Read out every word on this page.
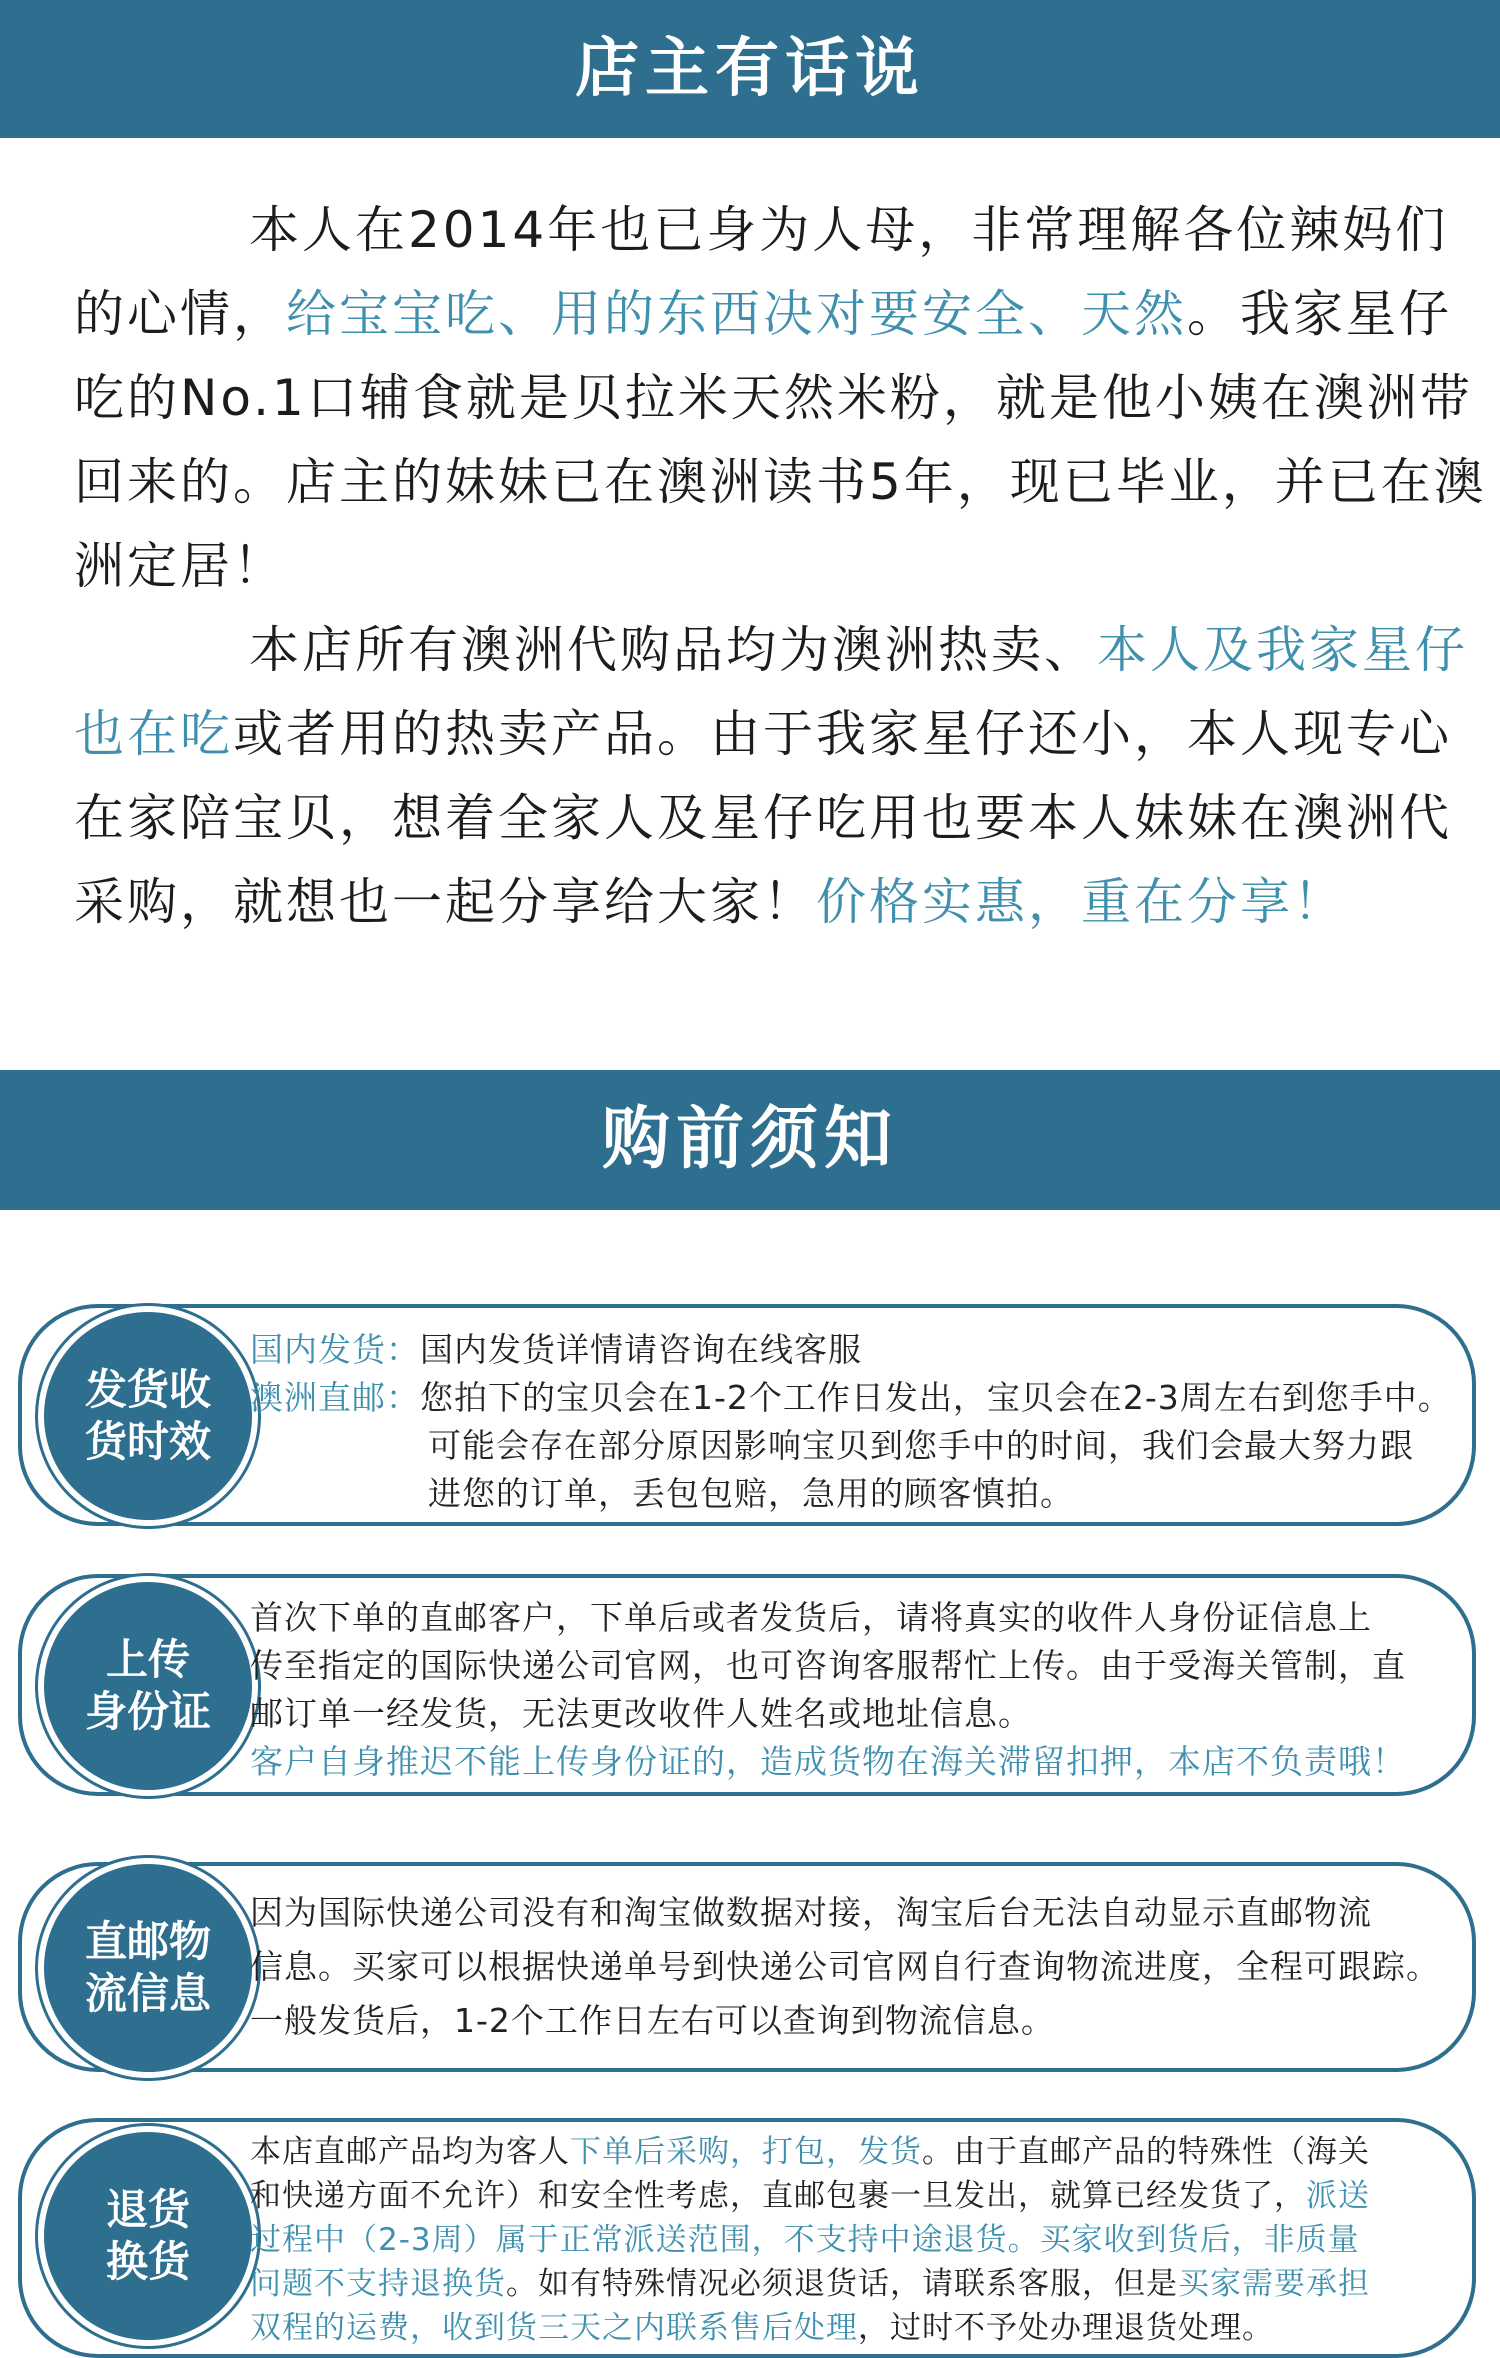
店主有话说
本人在2014年也已身为人母，非常理解各位辣妈们的心情，给宝宝吃、用的东西决对要安全、天然。我家星仔吃的No.1口辅食就是贝拉米天然米粉，就是他小姨在澳洲带回来的。店主的妹妹已在澳洲读书5年，现已毕业，并已在澳洲定居！
本店所有澳洲代购品均为澳洲热卖、本人及我家星仔也在吃或者用的热卖产品。由于我家星仔还小，本人现专心在家陪宝贝，想着全家人及星仔吃用也要本人妹妹在澳洲代采购，就想也一起分享给大家！价格实惠，重在分享！
购前须知
发货收
货时效
国内发货：国内发货详情请咨询在线客服
澳洲直邮：您拍下的宝贝会在1-2个工作日发出，宝贝会在2-3周左右到您手中。
可能会存在部分原因影响宝贝到您手中的时间，我们会最大努力跟
进您的订单，丢包包赔，急用的顾客慎拍。
上传
身份证
首次下单的直邮客户，下单后或者发货后，请将真实的收件人身份证信息上
传至指定的国际快递公司官网，也可咨询客服帮忙上传。由于受海关管制，直
邮订单一经发货，无法更改收件人姓名或地址信息。
客户自身推迟不能上传身份证的，造成货物在海关滞留扣押，本店不负责哦！
直邮物
流信息
因为国际快递公司没有和淘宝做数据对接，淘宝后台无法自动显示直邮物流
信息。买家可以根据快递单号到快递公司官网自行查询物流进度，全程可跟踪。
一般发货后，1-2个工作日左右可以查询到物流信息。
退货
换货
本店直邮产品均为客人下单后采购，打包，发货。由于直邮产品的特殊性（海关
和快递方面不允许）和安全性考虑，直邮包裹一旦发出，就算已经发货了，派送
过程中（2-3周）属于正常派送范围，不支持中途退货。买家收到货后，非质量
问题不支持退换货。如有特殊情况必须退货话，请联系客服，但是买家需要承担
双程的运费，收到货三天之内联系售后处理，过时不予处办理退货处理。
